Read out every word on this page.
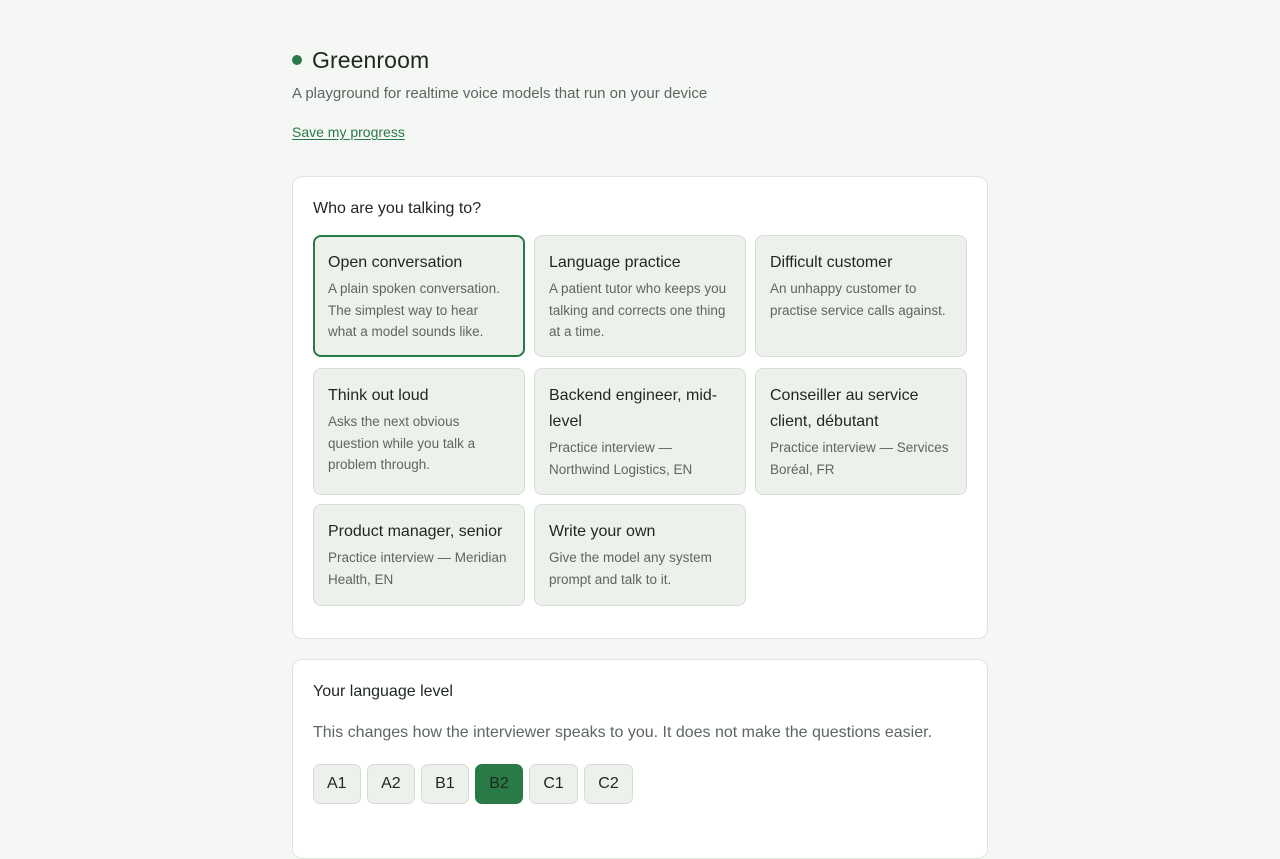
Greenroom
A playground for realtime voice models that run on your device
Save my progress
Who are you talking to?
Open conversation
A plain spoken conversation. The simplest way to hear what a model sounds like.
Language practice
A patient tutor who keeps you talking and corrects one thing at a time.
Difficult customer
An unhappy customer to practise service calls against.
Think out loud
Asks the next obvious question while you talk a problem through.
Backend engineer, mid-level
Practice interview — Northwind Logistics, EN
Conseiller au service client, débutant
Practice interview — Services Boréal, FR
Product manager, senior
Practice interview — Meridian Health, EN
Write your own
Give the model any system prompt and talk to it.
Your language level
This changes how the interviewer speaks to you. It does not make the questions easier.
A1	A2	B1	B2	C1	C2
